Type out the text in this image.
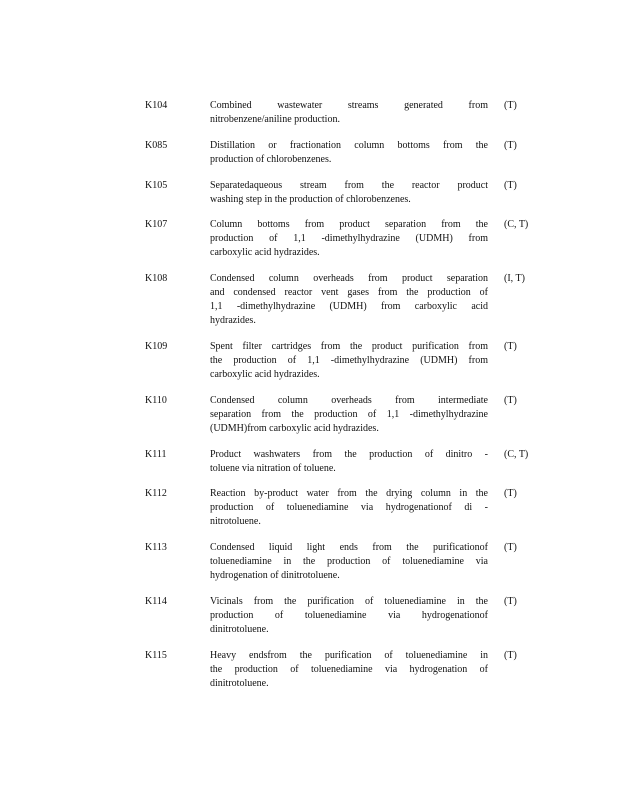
K104	Combined wastewater streams generated from
nitrobenzene/aniline production.
(T)
K085	Distillation or fractionation column bottoms from the
production of chlorobenzenes.
(T)
K105	Separatedaqueous stream from the reactor product
washing step in the production of chlorobenzenes.
(T)
K107	Column bottoms from product separation from the
production of 1,1 -dimethylhydrazine (UDMH) from
carboxylic acid hydrazides.
(C, T)
K108	Condensed column overheads from product separation
and condensed reactor vent gases from the production of
1,1 -dimethylhydrazine (UDMH) from carboxylic acid
hydrazides.
(I, T)
K109	Spent filter cartridges from the product purification from
the production of 1,1 -dimethylhydrazine (UDMH) from
carboxylic acid hydrazides.
(T)
K110	Condensed column overheads from intermediate
separation from the production of 1,1 -dimethylhydrazine
(UDMH)from carboxylic acid hydrazides.
(T)
K111	Product washwaters from the production of dinitro -
toluene via nitration of toluene.
(C, T)
K112	Reaction by-product water from the drying column in the
production of toluenediamine via hydrogenationof di -
nitrotoluene.
(T)
K113	Condensed liquid light ends from the purificationof
toluenediamine in the production of toluenediamine via
hydrogenation of dinitrotoluene.
(T)
K114	Vicinals from the purification of toluenediamine in the
production of toluenediamine via hydrogenationof
dinitrotoluene.
(T)
K115	Heavy endsfrom the purification of toluenediamine in
the production of toluenediamine via hydrogenation of
dinitrotoluene.
(T)
